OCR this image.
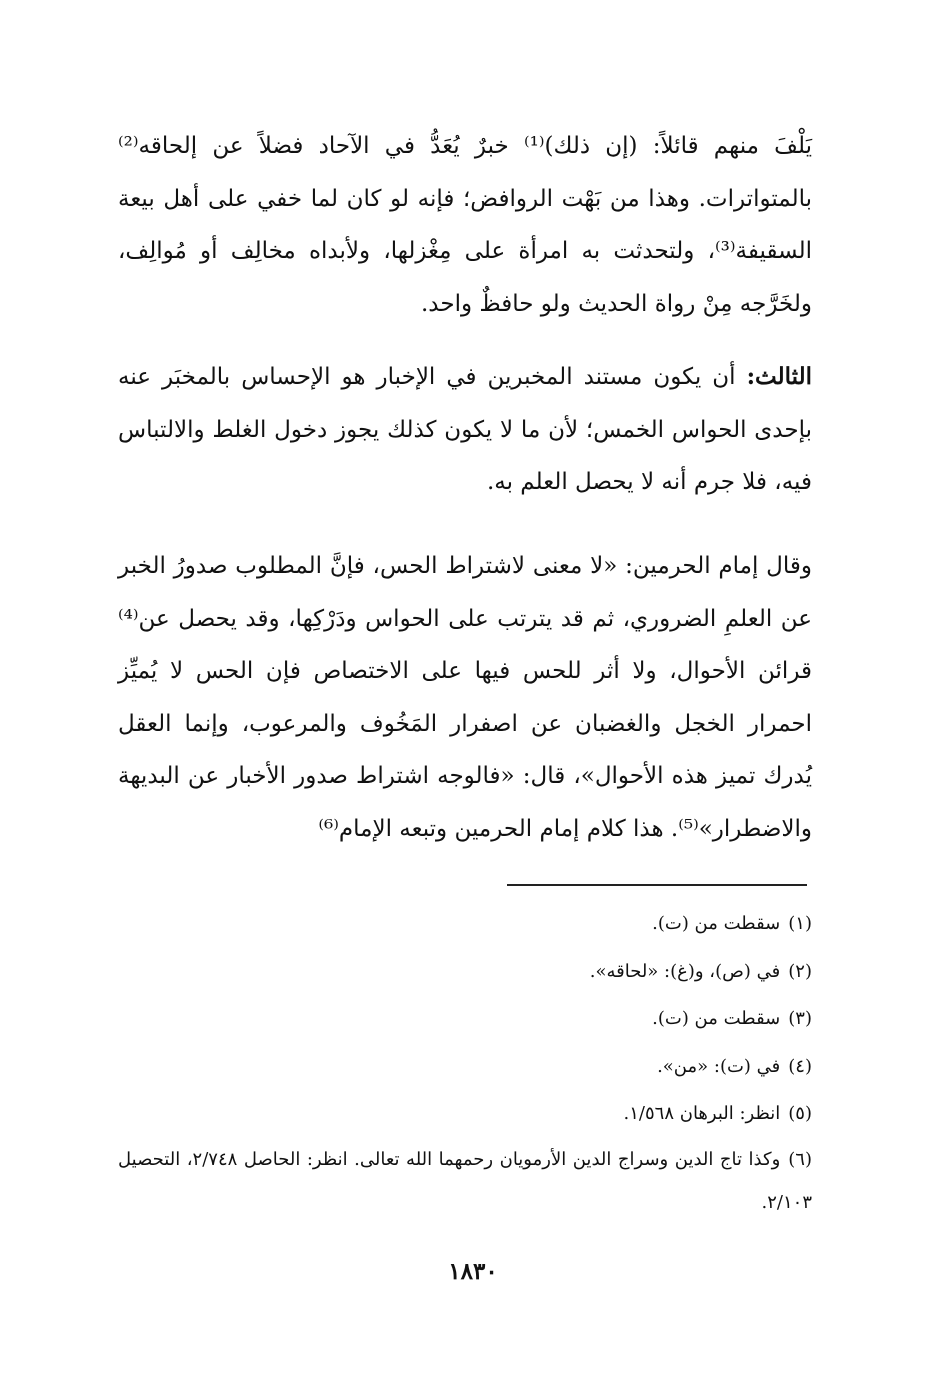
يَلْفَ منهم قائلاً: (إن ذلك)⁽¹⁾ خبرٌ يُعَدُّ في الآحاد فضلاً عن إلحاقه⁽²⁾ بالمتواترات. وهذا من بَهْت الروافض؛ فإنه لو كان لما خفي على أهل بيعة السقيفة⁽³⁾، ولتحدثت به امرأة على مِغْزلها، ولأبداه مخالِف أو مُوالِف، ولخَرَّجه مِنْ رواة الحديث ولو حافظٌ واحد.

الثالث: أن يكون مستند المخبرين في الإخبار هو الإحساس بالمخبَر عنه بإحدى الحواس الخمس؛ لأن ما لا يكون كذلك يجوز دخول الغلط والالتباس فيه، فلا جرم أنه لا يحصل العلم به.

وقال إمام الحرمين: «لا معنى لاشتراط الحس، فإنَّ المطلوب صدورُ الخبر عن العلمِ الضروري، ثم قد يترتب على الحواس ودَرْكِها، وقد يحصل عن⁽⁴⁾ قرائن الأحوال، ولا أثر للحس فيها على الاختصاص فإن الحس لا يُميِّز احمرار الخجل والغضبان عن اصفرار المَخُوف والمرعوب، وإنما العقل يُدرك تميز هذه الأحوال»، قال: «فالوجه اشتراط صدور الأخبار عن البديهة والاضطرار»⁽⁵⁾. هذا كلام إمام الحرمين وتبعه الإمام⁽⁶⁾

(١)سقطت من (ت).
(٢)في (ص)، و(غ): «لحاقه».
(٣)سقطت من (ت).
(٤)في (ت): «من».
(٥)انظر: البرهان ١/٥٦٨.
(٦)وكذا تاج الدين وسراج الدين الأرمويان رحمهما الله تعالى. انظر: الحاصل ٢/٧٤٨، التحصيل ٢/١٠٣.
١٨٣٠
